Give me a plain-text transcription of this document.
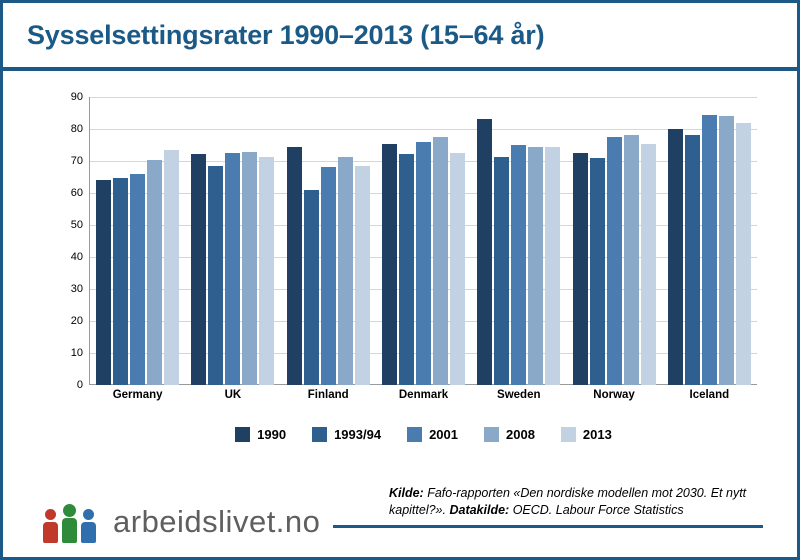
Sysselsettingsrater 1990–2013 (15–64 år)
0
10
20
30
40
50
60
70
80
90
Germany	UK	Finland	Denmark	Sweden	Norway	Iceland
1990	1993/94	2001	2008	2013
Kilde: Fafo-rapporten «Den nordiske modellen mot 2030. Et nytt kapittel?». Datakilde: OECD. Labour Force Statistics
arbeidslivet.no
